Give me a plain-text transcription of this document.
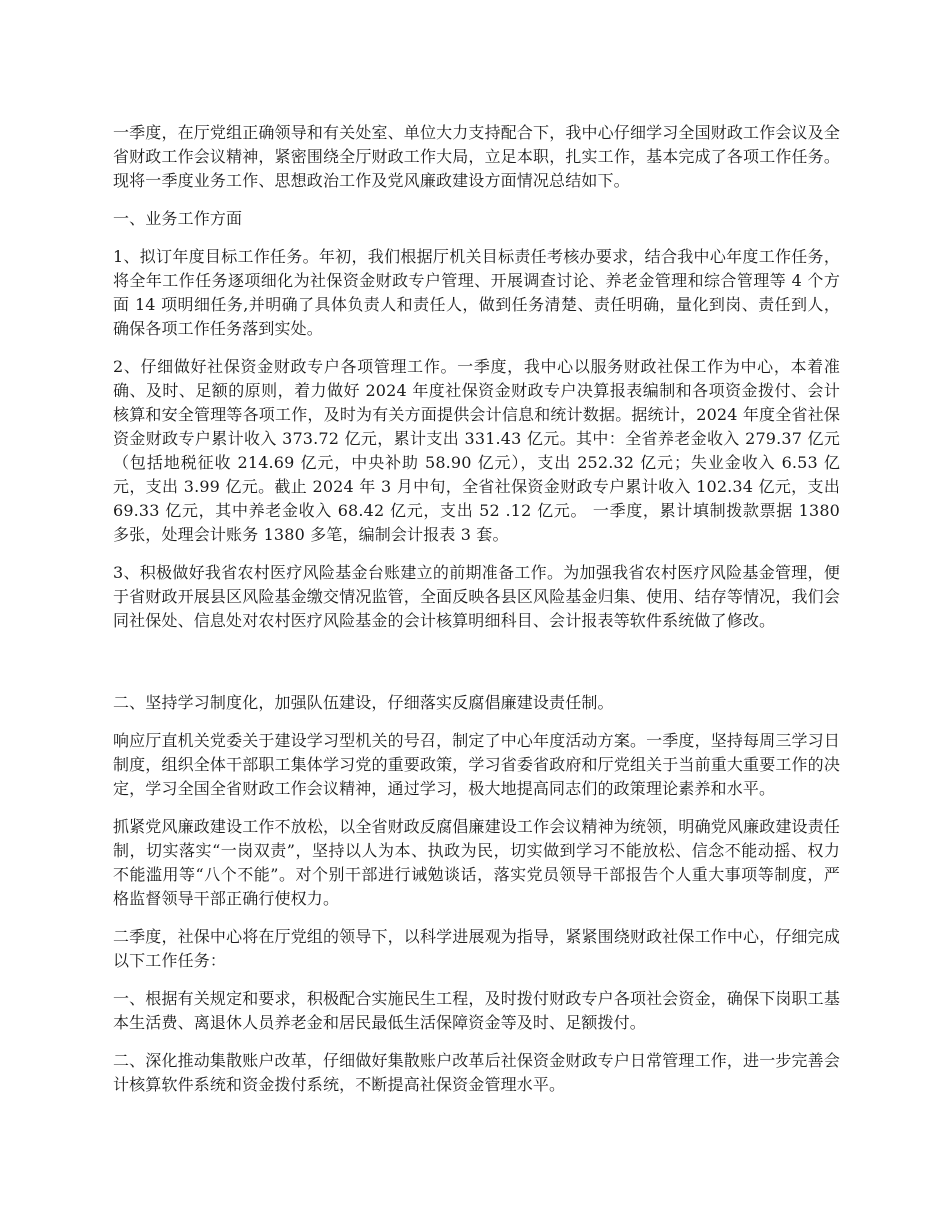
一季度，在厅党组正确领导和有关处室、单位大力支持配合下，我中心仔细学习全国财政工作会议及全省财政工作会议精神，紧密围绕全厅财政工作大局，立足本职，扎实工作，基本完成了各项工作任务。现将一季度业务工作、思想政治工作及党风廉政建设方面情况总结如下。

一、业务工作方面

1、拟订年度目标工作任务。年初，我们根据厅机关目标责任考核办要求，结合我中心年度工作任务，将全年工作任务逐项细化为社保资金财政专户管理、开展调查讨论、养老金管理和综合管理等 4 个方面 14 项明细任务,并明确了具体负责人和责任人，做到任务清楚、责任明确，量化到岗、责任到人，确保各项工作任务落到实处。

2、仔细做好社保资金财政专户各项管理工作。一季度，我中心以服务财政社保工作为中心，本着准确、及时、足额的原则，着力做好 2024 年度社保资金财政专户决算报表编制和各项资金拨付、会计核算和安全管理等各项工作，及时为有关方面提供会计信息和统计数据。据统计，2024 年度全省社保资金财政专户累计收入 373.72 亿元，累计支出 331.43 亿元。其中：全省养老金收入 279.37 亿元（包括地税征收 214.69 亿元，中央补助 58.90 亿元），支出 252.32 亿元；失业金收入 6.53 亿元，支出 3.99 亿元。截止 2024 年 3 月中旬，全省社保资金财政专户累计收入 102.34 亿元，支出 69.33 亿元，其中养老金收入 68.42 亿元，支出 52 .12 亿元。 一季度，累计填制拨款票据 1380 多张，处理会计账务 1380 多笔，编制会计报表 3 套。

3、积极做好我省农村医疗风险基金台账建立的前期准备工作。为加强我省农村医疗风险基金管理，便于省财政开展县区风险基金缴交情况监管，全面反映各县区风险基金归集、使用、结存等情况，我们会同社保处、信息处对农村医疗风险基金的会计核算明细科目、会计报表等软件系统做了修改。

二、坚持学习制度化，加强队伍建设，仔细落实反腐倡廉建设责任制。

响应厅直机关党委关于建设学习型机关的号召，制定了中心年度活动方案。一季度，坚持每周三学习日制度，组织全体干部职工集体学习党的重要政策，学习省委省政府和厅党组关于当前重大重要工作的决定，学习全国全省财政工作会议精神，通过学习，极大地提高同志们的政策理论素养和水平。

抓紧党风廉政建设工作不放松，以全省财政反腐倡廉建设工作会议精神为统领，明确党风廉政建设责任制，切实落实“一岗双责”，坚持以人为本、执政为民，切实做到学习不能放松、信念不能动摇、权力不能滥用等“八个不能”。对个别干部进行诫勉谈话，落实党员领导干部报告个人重大事项等制度，严格监督领导干部正确行使权力。

二季度，社保中心将在厅党组的领导下，以科学进展观为指导，紧紧围绕财政社保工作中心，仔细完成以下工作任务：

一、根据有关规定和要求，积极配合实施民生工程，及时拨付财政专户各项社会资金，确保下岗职工基本生活费、离退休人员养老金和居民最低生活保障资金等及时、足额拨付。

二、深化推动集散账户改革，仔细做好集散账户改革后社保资金财政专户日常管理工作，进一步完善会计核算软件系统和资金拨付系统，不断提高社保资金管理水平。
